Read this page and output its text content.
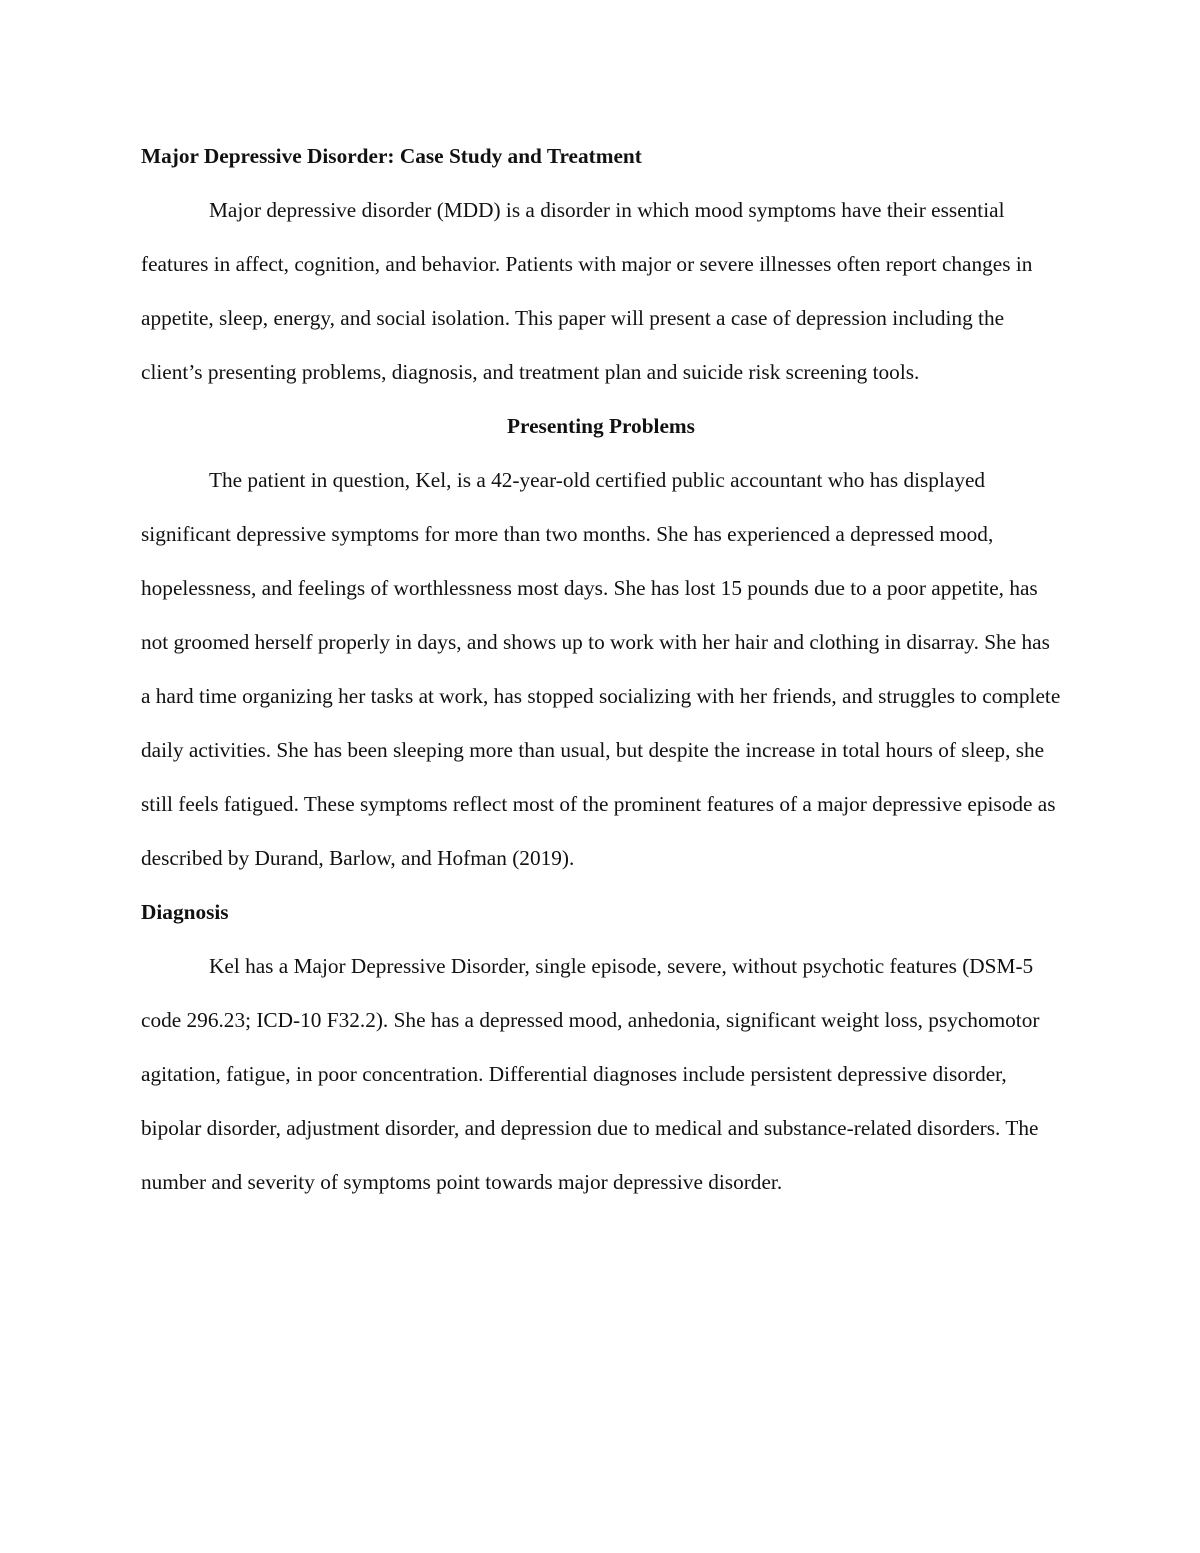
Major Depressive Disorder: Case Study and Treatment

Major depressive disorder (MDD) is a disorder in which mood symptoms have their essential features in affect, cognition, and behavior. Patients with major or severe illnesses often report changes in appetite, sleep, energy, and social isolation. This paper will present a case of depression including the client’s presenting problems, diagnosis, and treatment plan and suicide risk screening tools.

Presenting Problems

The patient in question, Kel, is a 42-year-old certified public accountant who has displayed significant depressive symptoms for more than two months. She has experienced a depressed mood, hopelessness, and feelings of worthlessness most days. She has lost 15 pounds due to a poor appetite, has not groomed herself properly in days, and shows up to work with her hair and clothing in disarray. She has a hard time organizing her tasks at work, has stopped socializing with her friends, and struggles to complete daily activities. She has been sleeping more than usual, but despite the increase in total hours of sleep, she still feels fatigued. These symptoms reflect most of the prominent features of a major depressive episode as described by Durand, Barlow, and Hofman (2019).

Diagnosis

Kel has a Major Depressive Disorder, single episode, severe, without psychotic features (DSM-5 code 296.23; ICD-10 F32.2). She has a depressed mood, anhedonia, significant weight loss, psychomotor agitation, fatigue, in poor concentration. Differential diagnoses include persistent depressive disorder, bipolar disorder, adjustment disorder, and depression due to medical and substance-related disorders. The number and severity of symptoms point towards major depressive disorder.
